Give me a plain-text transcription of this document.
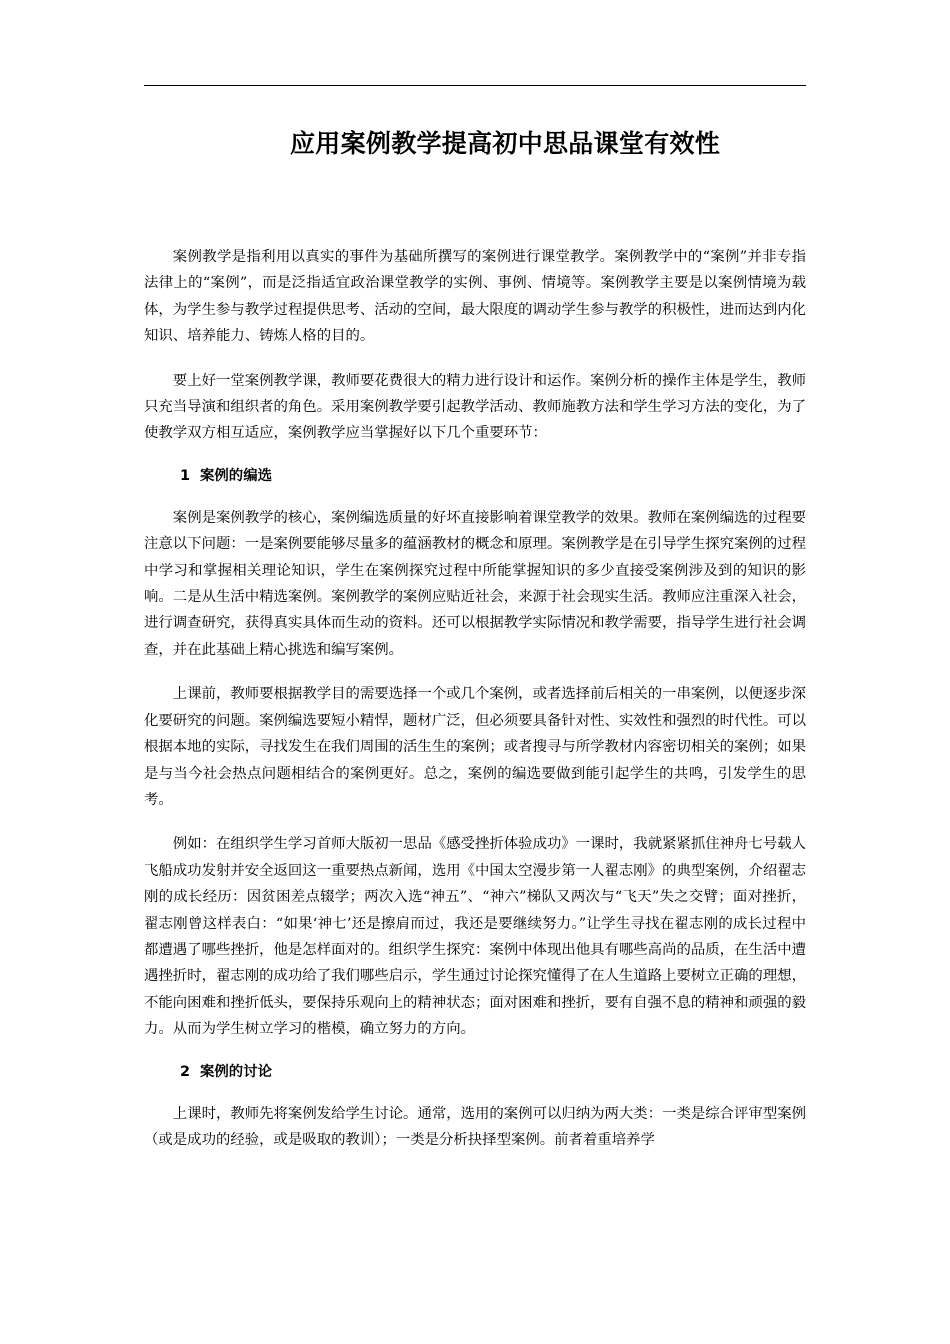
应用案例教学提高初中思品课堂有效性

案例教学是指利用以真实的事件为基础所撰写的案例进行课堂教学。案例教学中的“案例”并非专指法律上的“案例”，而是泛指适宜政治课堂教学的实例、事例、情境等。案例教学主要是以案例情境为载体，为学生参与教学过程提供思考、活动的空间，最大限度的调动学生参与教学的积极性，进而达到内化知识、培养能力、铸炼人格的目的。

要上好一堂案例教学课，教师要花费很大的精力进行设计和运作。案例分析的操作主体是学生，教师只充当导演和组织者的角色。采用案例教学要引起教学活动、教师施教方法和学生学习方法的变化，为了使教学双方相互适应，案例教学应当掌握好以下几个重要环节：

1 案例的编选

案例是案例教学的核心，案例编选质量的好坏直接影响着课堂教学的效果。教师在案例编选的过程要注意以下问题：一是案例要能够尽量多的蕴涵教材的概念和原理。案例教学是在引导学生探究案例的过程中学习和掌握相关理论知识，学生在案例探究过程中所能掌握知识的多少直接受案例涉及到的知识的影响。二是从生活中精选案例。案例教学的案例应贴近社会，来源于社会现实生活。教师应注重深入社会，进行调查研究，获得真实具体而生动的资料。还可以根据教学实际情况和教学需要，指导学生进行社会调查，并在此基础上精心挑选和编写案例。

上课前，教师要根据教学目的需要选择一个或几个案例，或者选择前后相关的一串案例，以便逐步深化要研究的问题。案例编选要短小精悍，题材广泛，但必须要具备针对性、实效性和强烈的时代性。可以根据本地的实际，寻找发生在我们周围的活生生的案例；或者搜寻与所学教材内容密切相关的案例；如果是与当今社会热点问题相结合的案例更好。总之，案例的编选要做到能引起学生的共鸣，引发学生的思考。

例如：在组织学生学习首师大版初一思品《感受挫折体验成功》一课时，我就紧紧抓住神舟七号载人飞船成功发射并安全返回这一重要热点新闻，选用《中国太空漫步第一人翟志刚》的典型案例，介绍翟志刚的成长经历：因贫困差点辍学；两次入选“神五”、“神六”梯队又两次与“飞天”失之交臂；面对挫折，翟志刚曾这样表白：“如果‘神七’还是擦肩而过，我还是要继续努力。”让学生寻找在翟志刚的成长过程中都遭遇了哪些挫折，他是怎样面对的。组织学生探究：案例中体现出他具有哪些高尚的品质，在生活中遭遇挫折时，翟志刚的成功给了我们哪些启示，学生通过讨论探究懂得了在人生道路上要树立正确的理想，不能向困难和挫折低头，要保持乐观向上的精神状态；面对困难和挫折，要有自强不息的精神和顽强的毅力。从而为学生树立学习的楷模，确立努力的方向。

2 案例的讨论

上课时，教师先将案例发给学生讨论。通常，选用的案例可以归纳为两大类：一类是综合评审型案例（或是成功的经验，或是吸取的教训）；一类是分析抉择型案例。前者着重培养学
